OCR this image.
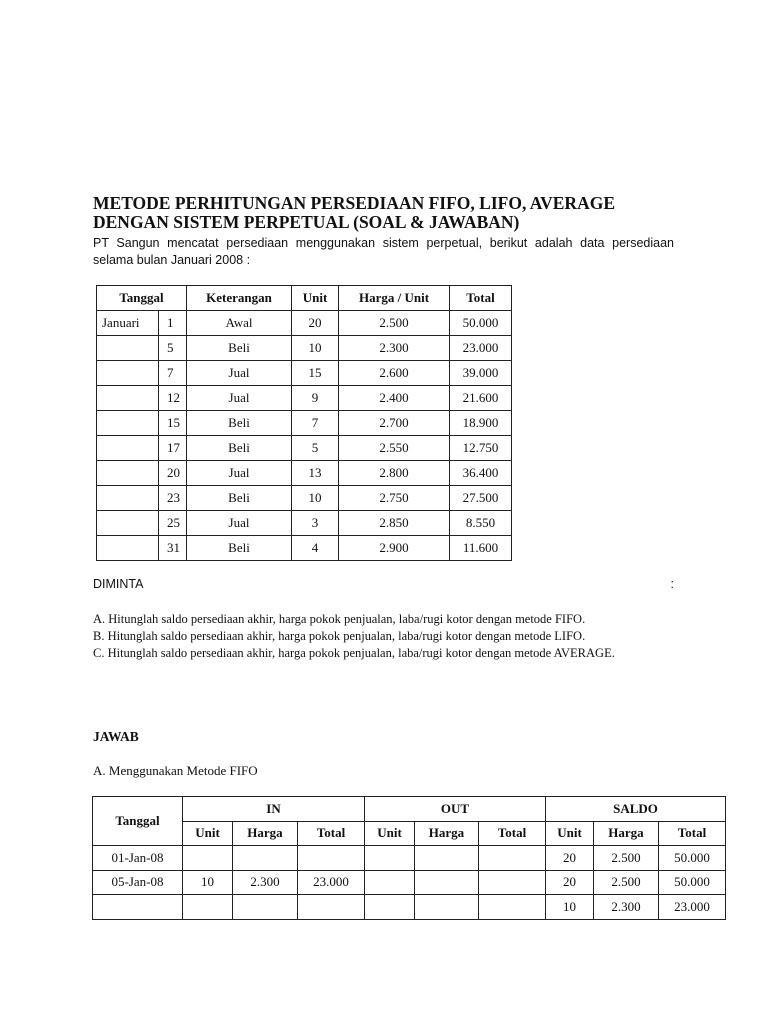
METODE PERHITUNGAN PERSEDIAAN FIFO, LIFO, AVERAGE
DENGAN SISTEM PERPETUAL (SOAL & JAWABAN)

PT Sangun mencatat persediaan menggunakan sistem perpetual, berikut adalah data persediaan selama bulan Januari 2008 :

Tanggal		Keterangan	Unit	Harga / Unit	Total
Januari	1	Awal	20	2.500	50.000
	5	Beli	10	2.300	23.000
	7	Jual	15	2.600	39.000
	12	Jual	9	2.400	21.600
	15	Beli	7	2.700	18.900
	17	Beli	5	2.550	12.750
	20	Jual	13	2.800	36.400
	23	Beli	10	2.750	27.500
	25	Jual	3	2.850	8.550
	31	Beli	4	2.900	11.600
DIMINTA	:

A. Hitunglah saldo persediaan akhir, harga pokok penjualan, laba/rugi kotor dengan metode FIFO.

B. Hitunglah saldo persediaan akhir, harga pokok penjualan, laba/rugi kotor dengan metode LIFO.

C. Hitunglah saldo persediaan akhir, harga pokok penjualan, laba/rugi kotor dengan metode AVERAGE.

JAWAB
A. Menggunakan Metode FIFO
Tanggal	IN			OUT			SALDO		
	Unit	Harga	Total	Unit	Harga	Total	Unit	Harga	Total
01-Jan-08							20	2.500	50.000
05-Jan-08	10	2.300	23.000				20	2.500	50.000
							10	2.300	23.000
